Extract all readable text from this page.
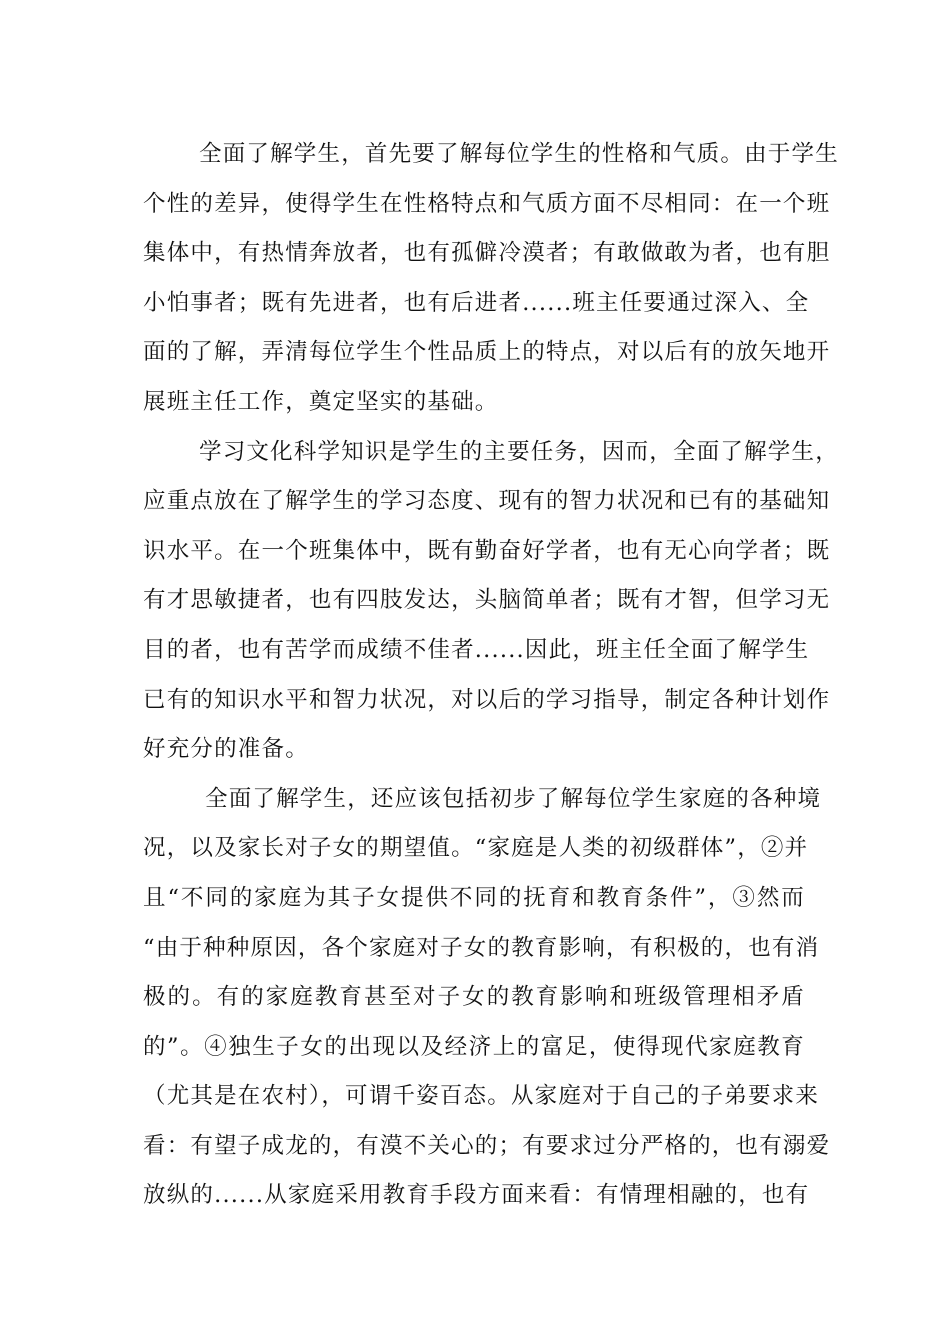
全面了解学生，首先要了解每位学生的性格和气质。由于学生
个性的差异，使得学生在性格特点和气质方面不尽相同：在一个班
集体中，有热情奔放者，也有孤僻冷漠者；有敢做敢为者，也有胆
小怕事者；既有先进者，也有后进者......班主任要通过深入、全
面的了解，弄清每位学生个性品质上的特点，对以后有的放矢地开
展班主任工作，奠定坚实的基础。
学习文化科学知识是学生的主要任务，因而，全面了解学生，
应重点放在了解学生的学习态度、现有的智力状况和已有的基础知
识水平。在一个班集体中，既有勤奋好学者，也有无心向学者；既
有才思敏捷者，也有四肢发达，头脑简单者；既有才智，但学习无
目的者，也有苦学而成绩不佳者......因此，班主任全面了解学生
已有的知识水平和智力状况，对以后的学习指导，制定各种计划作
好充分的准备。
全面了解学生，还应该包括初步了解每位学生家庭的各种境
况，以及家长对子女的期望值。“家庭是人类的初级群体”，②并
且“不同的家庭为其子女提供不同的抚育和教育条件”，③然而
“由于种种原因，各个家庭对子女的教育影响，有积极的，也有消
极的。有的家庭教育甚至对子女的教育影响和班级管理相矛盾
的”。④独生子女的出现以及经济上的富足，使得现代家庭教育
（尤其是在农村），可谓千姿百态。从家庭对于自己的子弟要求来
看：有望子成龙的，有漠不关心的；有要求过分严格的，也有溺爱
放纵的......从家庭采用教育手段方面来看：有情理相融的，也有
